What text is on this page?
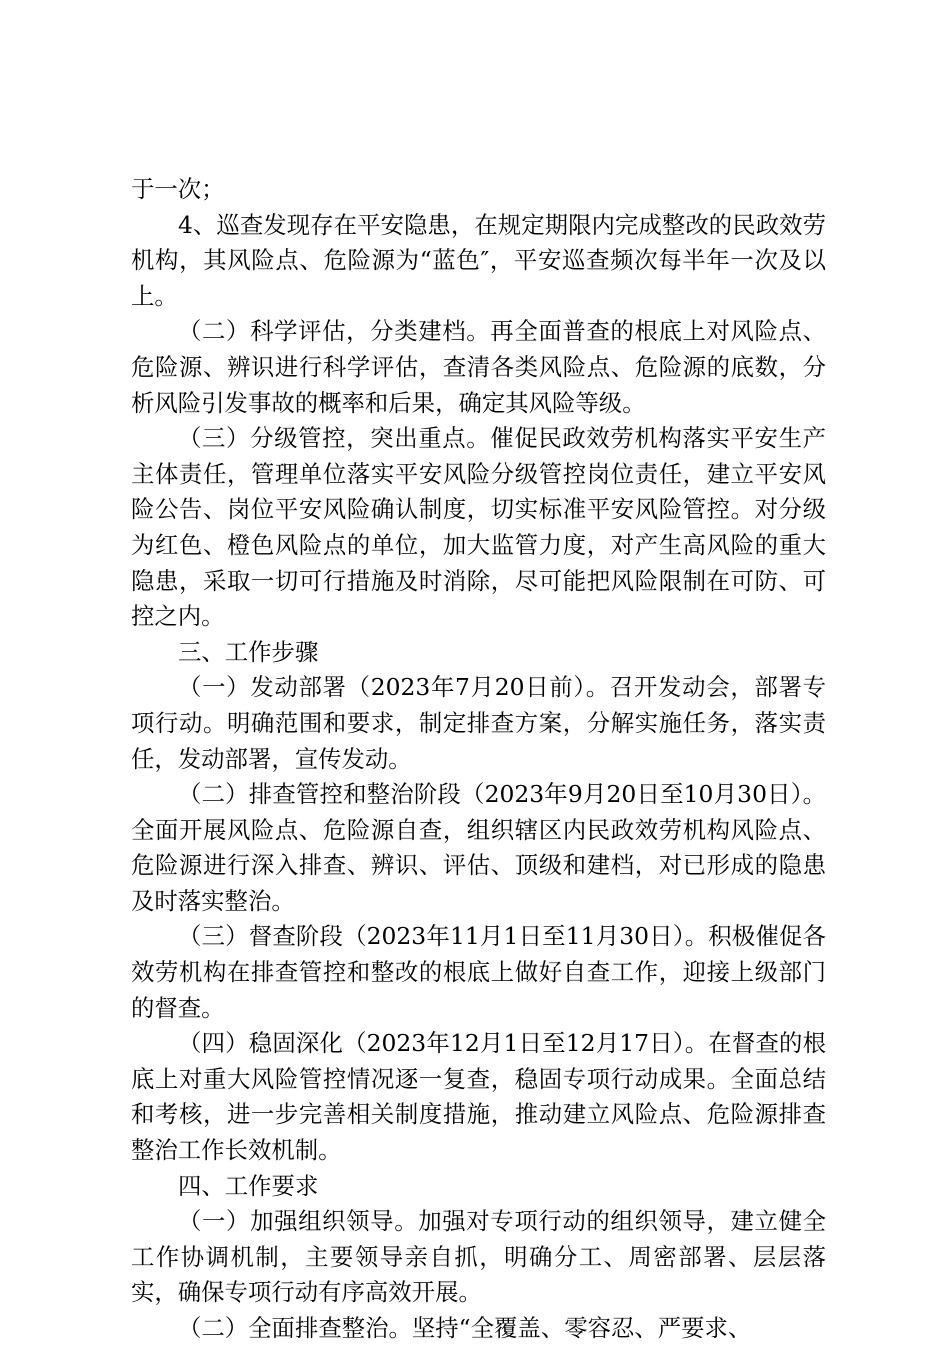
于一次；

4、巡查发现存在平安隐患，在规定期限内完成整改的民政效劳机构，其风险点、危险源为“蓝色″，平安巡查频次每半年一次及以上。

（二）科学评估，分类建档。再全面普查的根底上对风险点、危险源、辨识进行科学评估，查清各类风险点、危险源的底数，分析风险引发事故的概率和后果，确定其风险等级。

（三）分级管控，突出重点。催促民政效劳机构落实平安生产主体责任，管理单位落实平安风险分级管控岗位责任，建立平安风险公告、岗位平安风险确认制度，切实标准平安风险管控。对分级为红色、橙色风险点的单位，加大监管力度，对产生高风险的重大隐患，采取一切可行措施及时消除，尽可能把风险限制在可防、可控之内。

三、工作步骤

（一）发动部署（2023年7月20日前）。召开发动会，部署专项行动。明确范围和要求，制定排查方案，分解实施任务，落实责任，发动部署，宣传发动。

（二）排查管控和整治阶段（2023年9月20日至10月30日）。全面开展风险点、危险源自查，组织辖区内民政效劳机构风险点、危险源进行深入排查、辨识、评估、顶级和建档，对已形成的隐患及时落实整治。

（三）督查阶段（2023年11月1日至11月30日）。积极催促各效劳机构在排查管控和整改的根底上做好自查工作，迎接上级部门的督查。

（四）稳固深化（2023年12月1日至12月17日）。在督查的根底上对重大风险管控情况逐一复查，稳固专项行动成果。全面总结和考核，进一步完善相关制度措施，推动建立风险点、危险源排查整治工作长效机制。

四、工作要求

（一）加强组织领导。加强对专项行动的组织领导，建立健全工作协调机制，主要领导亲自抓，明确分工、周密部署、层层落实，确保专项行动有序高效开展。

（二）全面排查整治。坚持“全覆盖、零容忍、严要求、
